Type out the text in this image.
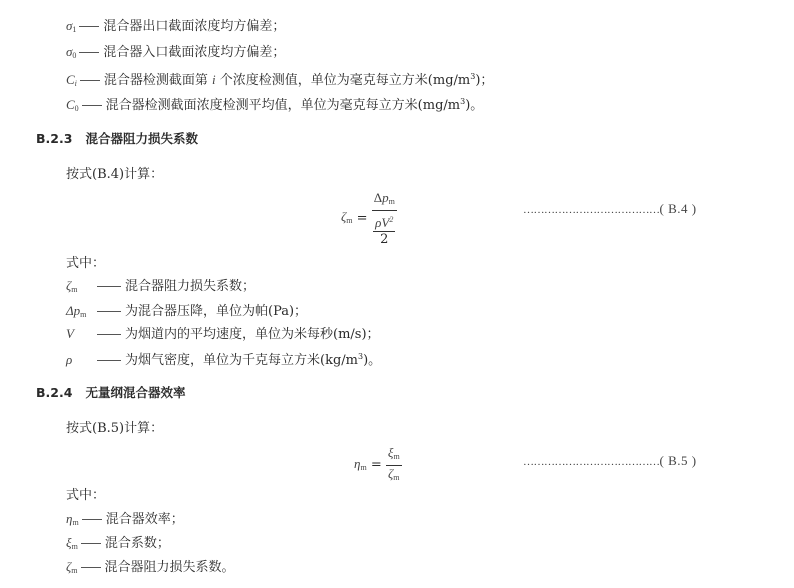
$\sigma_1$ 混合器出口截面浓度均方偏差；
$\sigma_0$ 混合器入口截面浓度均方偏差；
$C_i$ 混合器检测截面第 i 个浓度检测值，单位为毫克每立方米$(mg/m^3)$；
$C_0$ 混合器检测截面浓度检测平均值，单位为毫克每立方米$(mg/m^3)$。
B.2.3 混合器阻力损失系数
按式(B.4)计算：
$\zeta_m = \frac{\Delta p_m}{\frac{\rho V^2}{2}}$	…………………………………( B.4 )
式中：
$\zeta_m$	混合器阻力损失系数；
$\Delta p_m$	为混合器压降，单位为帕(Pa)；
V	为烟道内的平均速度，单位为米每秒(m/s)；
ρ	为烟气密度，单位为千克每立方米$(kg/m^3)$。
B.2.4 无量纲混合器效率
按式(B.5)计算：
$\eta_m = \frac{\xi_m}{\zeta_m}$	…………………………………( B.5 )
式中：
$\eta_m$ 混合器效率；
$\xi_m$ 混合系数；
$\zeta_m$ 混合器阻力损失系数。
